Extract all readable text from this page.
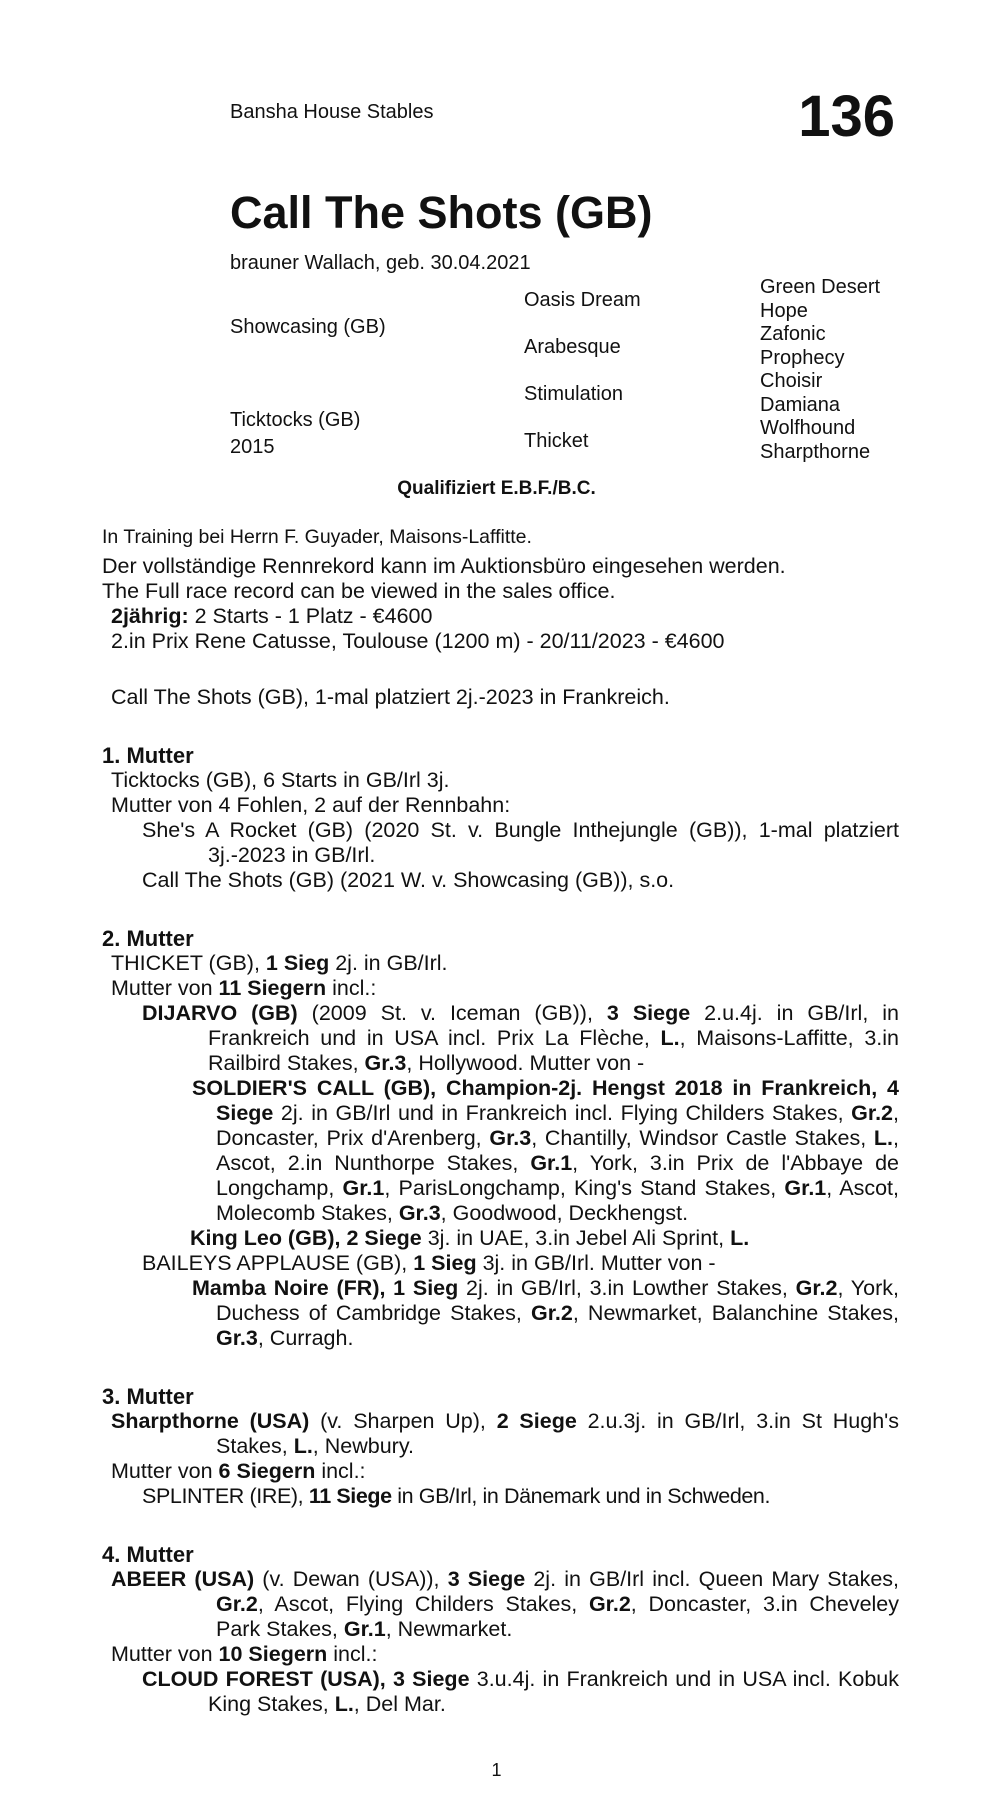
Bansha House Stables	136
Call The Shots (GB)
brauner Wallach, geb. 30.04.2021
Showcasing (GB)
Ticktocks (GB)
2015
Oasis Dream
Arabesque
Stimulation
Thicket
Green Desert
Hope
Zafonic
Prophecy
Choisir
Damiana
Wolfhound
Sharpthorne
Qualifiziert E.B.F./B.C.

In Training bei Herrn F. Guyader, Maisons-Laffitte.

Der vollständige Rennrekord kann im Auktionsbüro eingesehen werden.

The Full race record can be viewed in the sales office.

2jährig: 2 Starts - 1 Platz - €4600

2.in Prix Rene Catusse, Toulouse (1200 m) - 20/11/2023 - €4600

Call The Shots (GB), 1-mal platziert 2j.-2023 in Frankreich.

1. Mutter

Ticktocks (GB), 6 Starts in GB/Irl 3j.

Mutter von 4 Fohlen, 2 auf der Rennbahn:

She's A Rocket (GB) (2020 St. v. Bungle Inthejungle (GB)), 1-mal platziert 3j.-2023 in GB/Irl.

Call The Shots (GB) (2021 W. v. Showcasing (GB)), s.o.

2. Mutter

THICKET (GB), 1 Sieg 2j. in GB/Irl.

Mutter von 11 Siegern incl.:

DIJARVO (GB) (2009 St. v. Iceman (GB)), 3 Siege 2.u.4j. in GB/Irl, in Frankreich und in USA incl. Prix La Flèche, L., Maisons-Laffitte, 3.in Railbird Stakes, Gr.3, Hollywood. Mutter von -

SOLDIER'S CALL (GB), Champion-2j. Hengst 2018 in Frankreich, 4 Siege 2j. in GB/Irl und in Frankreich incl. Flying Childers Stakes, Gr.2, Doncaster, Prix d'Arenberg, Gr.3, Chantilly, Windsor Castle Stakes, L., Ascot, 2.in Nunthorpe Stakes, Gr.1, York, 3.in Prix de l'Abbaye de Longchamp, Gr.1, ParisLongchamp, King's Stand Stakes, Gr.1, Ascot, Molecomb Stakes, Gr.3, Goodwood, Deckhengst.

King Leo (GB), 2 Siege 3j. in UAE, 3.in Jebel Ali Sprint, L.

BAILEYS APPLAUSE (GB), 1 Sieg 3j. in GB/Irl. Mutter von -

Mamba Noire (FR), 1 Sieg 2j. in GB/Irl, 3.in Lowther Stakes, Gr.2, York, Duchess of Cambridge Stakes, Gr.2, Newmarket, Balanchine Stakes, Gr.3, Curragh.

3. Mutter

Sharpthorne (USA) (v. Sharpen Up), 2 Siege 2.u.3j. in GB/Irl, 3.in St Hugh's Stakes, L., Newbury.

Mutter von 6 Siegern incl.:

SPLINTER (IRE), 11 Siege in GB/Irl, in Dänemark und in Schweden.

4. Mutter

ABEER (USA) (v. Dewan (USA)), 3 Siege 2j. in GB/Irl incl. Queen Mary Stakes, Gr.2, Ascot, Flying Childers Stakes, Gr.2, Doncaster, 3.in Cheveley Park Stakes, Gr.1, Newmarket.

Mutter von 10 Siegern incl.:

CLOUD FOREST (USA), 3 Siege 3.u.4j. in Frankreich und in USA incl. Kobuk King Stakes, L., Del Mar.

1
